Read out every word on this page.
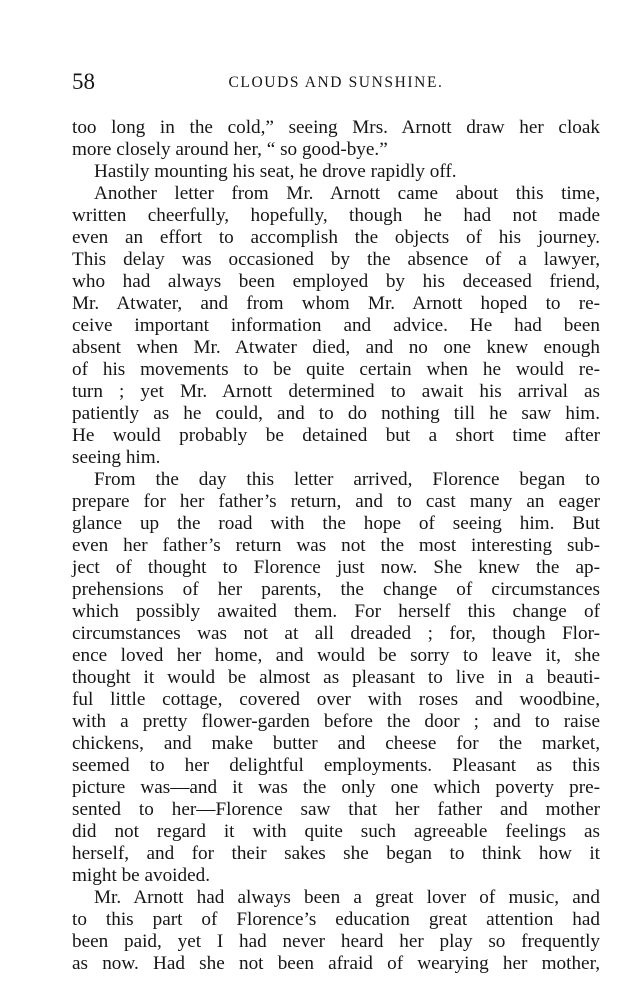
58	CLOUDS AND SUNSHINE.
too long in the cold,” seeing Mrs. Arnott draw her cloak
more closely around her, “ so good-bye.”
Hastily mounting his seat, he drove rapidly off.
Another letter from Mr. Arnott came about this time,
written cheerfully, hopefully, though he had not made
even an effort to accomplish the objects of his journey.
This delay was occasioned by the absence of a lawyer,
who had always been employed by his deceased friend,
Mr. Atwater, and from whom Mr. Arnott hoped to re-
ceive important information and advice. He had been
absent when Mr. Atwater died, and no one knew enough
of his movements to be quite certain when he would re-
turn ; yet Mr. Arnott determined to await his arrival as
patiently as he could, and to do nothing till he saw him.
He would probably be detained but a short time after
seeing him.
From the day this letter arrived, Florence began to
prepare for her father’s return, and to cast many an eager
glance up the road with the hope of seeing him. But
even her father’s return was not the most interesting sub-
ject of thought to Florence just now. She knew the ap-
prehensions of her parents, the change of circumstances
which possibly awaited them. For herself this change of
circumstances was not at all dreaded ; for, though Flor-
ence loved her home, and would be sorry to leave it, she
thought it would be almost as pleasant to live in a beauti-
ful little cottage, covered over with roses and woodbine,
with a pretty flower-garden before the door ; and to raise
chickens, and make butter and cheese for the market,
seemed to her delightful employments. Pleasant as this
picture was—and it was the only one which poverty pre-
sented to her—Florence saw that her father and mother
did not regard it with quite such agreeable feelings as
herself, and for their sakes she began to think how it
might be avoided.
Mr. Arnott had always been a great lover of music, and
to this part of Florence’s education great attention had
been paid, yet I had never heard her play so frequently
as now. Had she not been afraid of wearying her mother,
